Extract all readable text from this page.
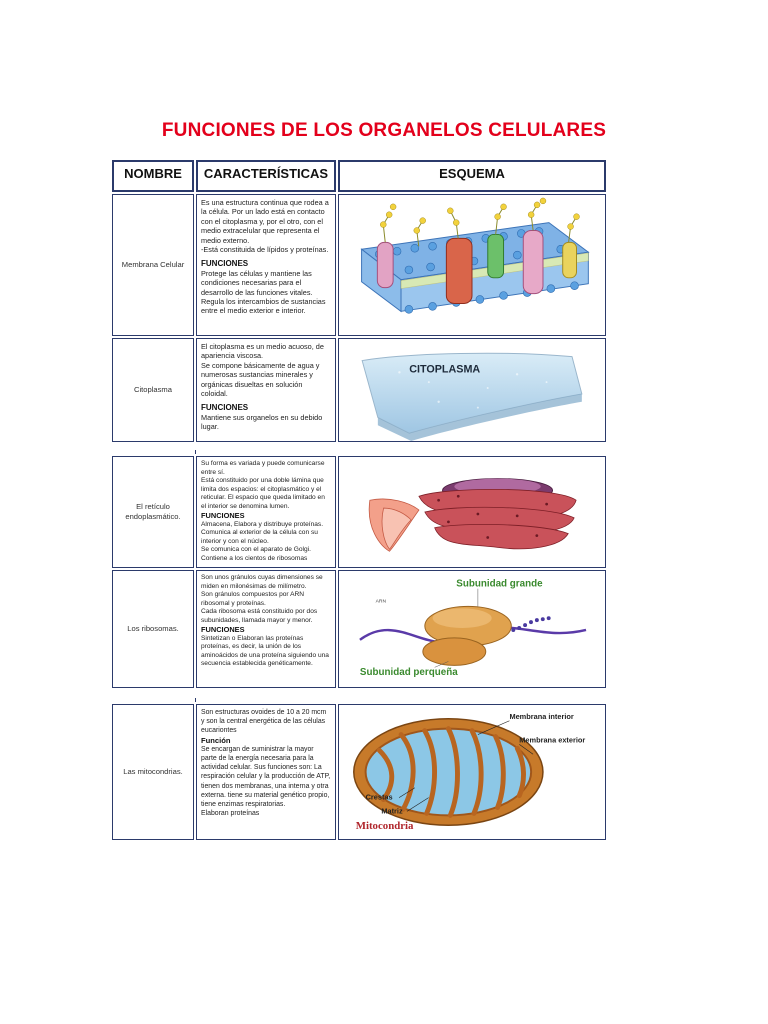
FUNCIONES DE LOS ORGANELOS CELULARES
NOMBRE	CARACTERÍSTICAS	ESQUEMA
Membrana Celular

Es una estructura continua que rodea a la célula. Por un lado está en contacto con el citoplasma y, por el otro, con el medio extracelular que representa el medio externo.

-Está constituida de lípidos y proteínas.

FUNCIONES

Protege las células y mantiene las condiciones necesarias para el desarrollo de las funciones vitales.

Regula los intercambios de sustancias entre el medio exterior e interior.

Citoplasma

El citoplasma es un medio acuoso, de apariencia viscosa.

Se compone básicamente de agua y numerosas sustancias minerales y orgánicas disueltas en solución coloidal.

FUNCIONES

Mantiene sus organelos en su debido lugar.

CITOPLASMA
El retículo endoplasmático.

Su forma es variada y puede comunicarse entre sí.

Está constituido por una doble lámina que limita dos espacios: el citoplasmático y el reticular. El espacio que queda limitado en el interior se denomina lumen.

FUNCIONES

Almacena, Elabora y distribuye proteínas.

Comunica al exterior de la célula con su interior y con el núcleo.

Se comunica con el aparato de Golgi.

Contiene a los cientos de ribosomas

Los ribosomas.

Son unos gránulos cuyas dimensiones se miden en milonésimas de milímetro.

Son gránulos compuestos por ARN ribosomal y proteínas.

Cada ribosoma está constituido por dos subunidades, llamada mayor y menor.

FUNCIONES

Sintetizan o Elaboran las proteínas proteínas, es decir, la unión de los aminoácidos de una proteína siguiendo una secuencia establecida genéticamente.

Subunidad grande
Subunidad perqueña
ARN
Las mitocondrias.

Son estructuras ovoides de 10 a 20 mcm y son la central energética de las células eucariontes

Función

Se encargan de suministrar la mayor parte de la energía necesaria para la actividad celular. Sus funciones son: La respiración celular y la producción de ATP, tienen dos membranas, una interna y otra externa. tiene su material genético propio, tiene enzimas respiratorias.

Elaboran proteínas

Membrana interior
Membrana exterior
Crestas
Matriz
Mitocondria
